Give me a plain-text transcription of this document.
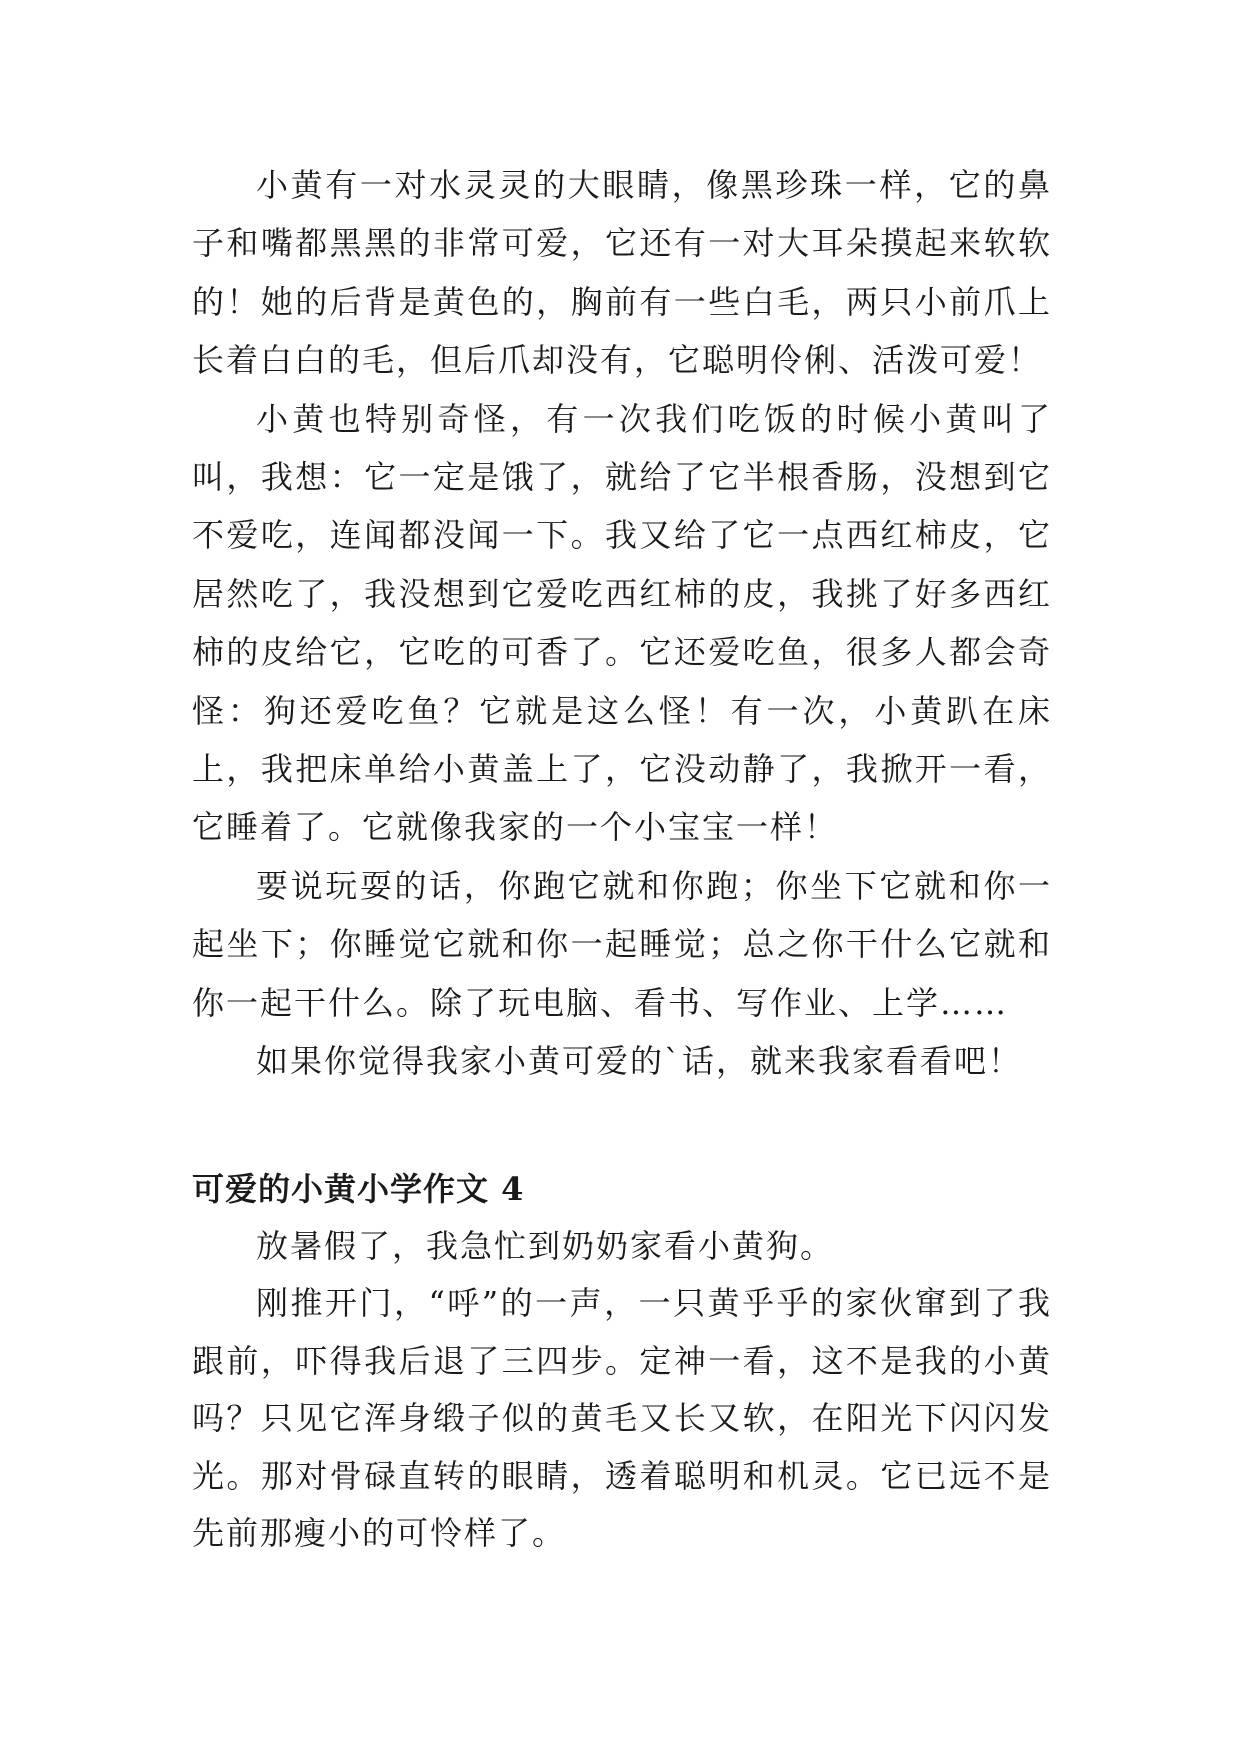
小黄有一对水灵灵的大眼睛，像黑珍珠一样，它的鼻子和嘴都黑黑的非常可爱，它还有一对大耳朵摸起来软软的！她的后背是黄色的，胸前有一些白毛，两只小前爪上长着白白的毛，但后爪却没有，它聪明伶俐、活泼可爱！

小黄也特别奇怪，有一次我们吃饭的时候小黄叫了叫，我想：它一定是饿了，就给了它半根香肠，没想到它不爱吃，连闻都没闻一下。我又给了它一点西红柿皮，它居然吃了，我没想到它爱吃西红柿的皮，我挑了好多西红柿的皮给它，它吃的可香了。它还爱吃鱼，很多人都会奇怪：狗还爱吃鱼？它就是这么怪！有一次，小黄趴在床上，我把床单给小黄盖上了，它没动静了，我掀开一看，它睡着了。它就像我家的一个小宝宝一样！

要说玩耍的话，你跑它就和你跑；你坐下它就和你一起坐下；你睡觉它就和你一起睡觉；总之你干什么它就和你一起干什么。除了玩电脑、看书、写作业、上学……

如果你觉得我家小黄可爱的`话，就来我家看看吧！

可爱的小黄小学作文 4

放暑假了，我急忙到奶奶家看小黄狗。

刚推开门，“呼”的一声，一只黄乎乎的家伙窜到了我跟前，吓得我后退了三四步。定神一看，这不是我的小黄吗？只见它浑身缎子似的黄毛又长又软，在阳光下闪闪发光。那对骨碌直转的眼睛，透着聪明和机灵。它已远不是先前那瘦小的可怜样了。
